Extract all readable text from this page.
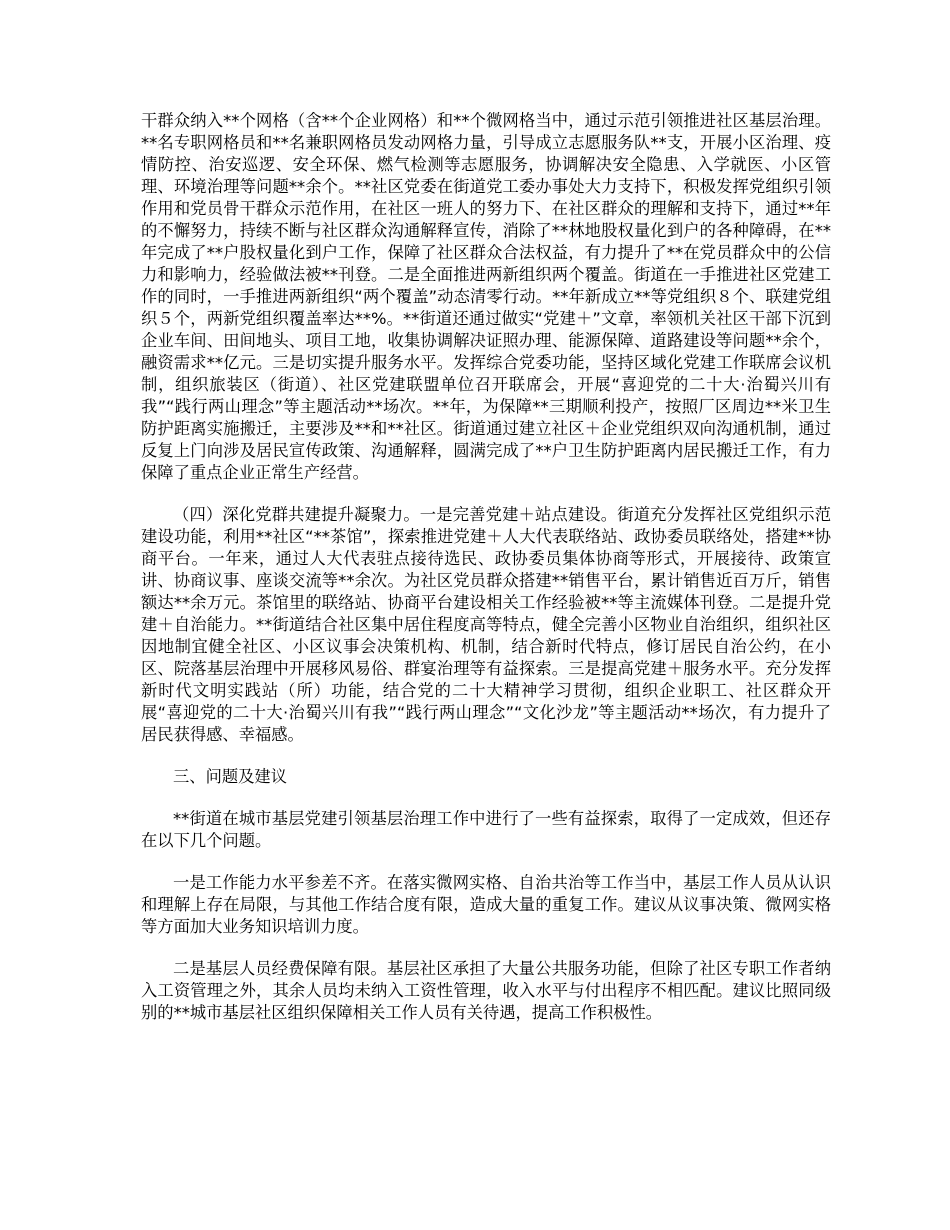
干群众纳入**个网格（含**个企业网格）和**个微网格当中，通过示范引领推进社区基层治理。**名专职网格员和**名兼职网格员发动网格力量，引导成立志愿服务队**支，开展小区治理、疫情防控、治安巡逻、安全环保、燃气检测等志愿服务，协调解决安全隐患、入学就医、小区管理、环境治理等问题**余个。**社区党委在街道党工委办事处大力支持下，积极发挥党组织引领作用和党员骨干群众示范作用，在社区一班人的努力下、在社区群众的理解和支持下，通过**年的不懈努力，持续不断与社区群众沟通解释宣传，消除了**林地股权量化到户的各种障碍，在**年完成了**户股权量化到户工作，保障了社区群众合法权益，有力提升了**在党员群众中的公信力和影响力，经验做法被**刊登。二是全面推进两新组织两个覆盖。街道在一手推进社区党建工作的同时，一手推进两新组织“两个覆盖”动态清零行动。**年新成立**等党组织８个、联建党组织５个，两新党组织覆盖率达**%。**街道还通过做实“党建＋”文章，率领机关社区干部下沉到企业车间、田间地头、项目工地，收集协调解决证照办理、能源保障、道路建设等问题**余个，融资需求**亿元。三是切实提升服务水平。发挥综合党委功能，坚持区域化党建工作联席会议机制，组织旅装区（街道）、社区党建联盟单位召开联席会，开展“喜迎党的二十大·治蜀兴川有我”“践行两山理念”等主题活动**场次。**年，为保障**三期顺利投产，按照厂区周边**米卫生防护距离实施搬迁，主要涉及**和**社区。街道通过建立社区＋企业党组织双向沟通机制，通过反复上门向涉及居民宣传政策、沟通解释，圆满完成了**户卫生防护距离内居民搬迁工作，有力保障了重点企业正常生产经营。

（四）深化党群共建提升凝聚力。一是完善党建＋站点建设。街道充分发挥社区党组织示范建设功能，利用**社区“**茶馆”，探索推进党建＋人大代表联络站、政协委员联络处，搭建**协商平台。一年来，通过人大代表驻点接待选民、政协委员集体协商等形式，开展接待、政策宣讲、协商议事、座谈交流等**余次。为社区党员群众搭建**销售平台，累计销售近百万斤，销售额达**余万元。茶馆里的联络站、协商平台建设相关工作经验被**等主流媒体刊登。二是提升党建＋自治能力。**街道结合社区集中居住程度高等特点，健全完善小区物业自治组织，组织社区因地制宜健全社区、小区议事会决策机构、机制，结合新时代特点，修订居民自治公约，在小区、院落基层治理中开展移风易俗、群宴治理等有益探索。三是提高党建＋服务水平。充分发挥新时代文明实践站（所）功能，结合党的二十大精神学习贯彻，组织企业职工、社区群众开展“喜迎党的二十大·治蜀兴川有我”“践行两山理念”“文化沙龙”等主题活动**场次，有力提升了居民获得感、幸福感。

三、问题及建议

**街道在城市基层党建引领基层治理工作中进行了一些有益探索，取得了一定成效，但还存在以下几个问题。

一是工作能力水平参差不齐。在落实微网实格、自治共治等工作当中，基层工作人员从认识和理解上存在局限，与其他工作结合度有限，造成大量的重复工作。建议从议事决策、微网实格等方面加大业务知识培训力度。

二是基层人员经费保障有限。基层社区承担了大量公共服务功能，但除了社区专职工作者纳入工资管理之外，其余人员均未纳入工资性管理，收入水平与付出程序不相匹配。建议比照同级别的**城市基层社区组织保障相关工作人员有关待遇，提高工作积极性。
